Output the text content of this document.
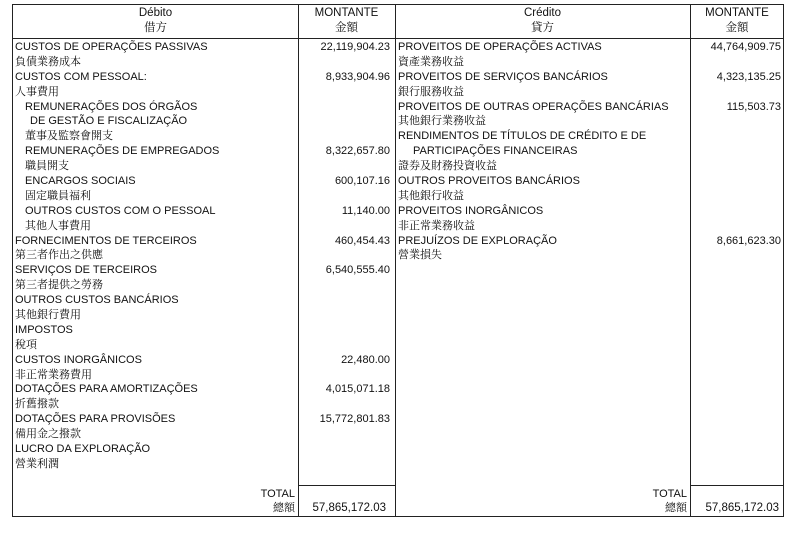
Débito
借方
MONTANTE
金額
Crédito
貸方
MONTANTE
金額
CUSTOS DE OPERAÇÕES PASSIVAS
負債業務成本
CUSTOS COM PESSOAL:
人事費用
REMUNERAÇÕES DOS ÓRGÃOS
DE GESTÃO E FISCALIZAÇÃO
董事及監察會開支
REMUNERAÇÕES DE EMPREGADOS
職員開支
ENCARGOS SOCIAIS
固定職員福利
OUTROS CUSTOS COM O PESSOAL
其他人事費用
FORNECIMENTOS DE TERCEIROS
第三者作出之供應
SERVIÇOS DE TERCEIROS
第三者提供之勞務
OUTROS CUSTOS BANCÁRIOS
其他銀行費用
IMPOSTOS
稅項
CUSTOS INORGÂNICOS
非正常業務費用
DOTAÇÕES PARA AMORTIZAÇÕES
折舊撥款
DOTAÇÕES PARA PROVISÕES
備用金之撥款
LUCRO DA EXPLORAÇÃO
營業利潤
22,119,904.23
8,933,904.96
8,322,657.80
600,107.16
11,140.00
460,454.43
6,540,555.40
22,480.00
4,015,071.18
15,772,801.83
PROVEITOS DE OPERAÇÕES ACTIVAS
資產業務收益
PROVEITOS DE SERVIÇOS BANCÁRIOS
銀行服務收益
PROVEITOS DE OUTRAS OPERAÇÕES BANCÁRIAS
其他銀行業務收益
RENDIMENTOS DE TÍTULOS DE CRÉDITO E DE
PARTICIPAÇÕES FINANCEIRAS
證券及財務投資收益
OUTROS PROVEITOS BANCÁRIOS
其他銀行收益
PROVEITOS INORGÂNICOS
非正常業務收益
PREJUÍZOS DE EXPLORAÇÃO
營業損失
44,764,909.75
4,323,135.25
115,503.73
8,661,623.30
TOTAL
總額	57,865,172.03
TOTAL
總額	57,865,172.03
